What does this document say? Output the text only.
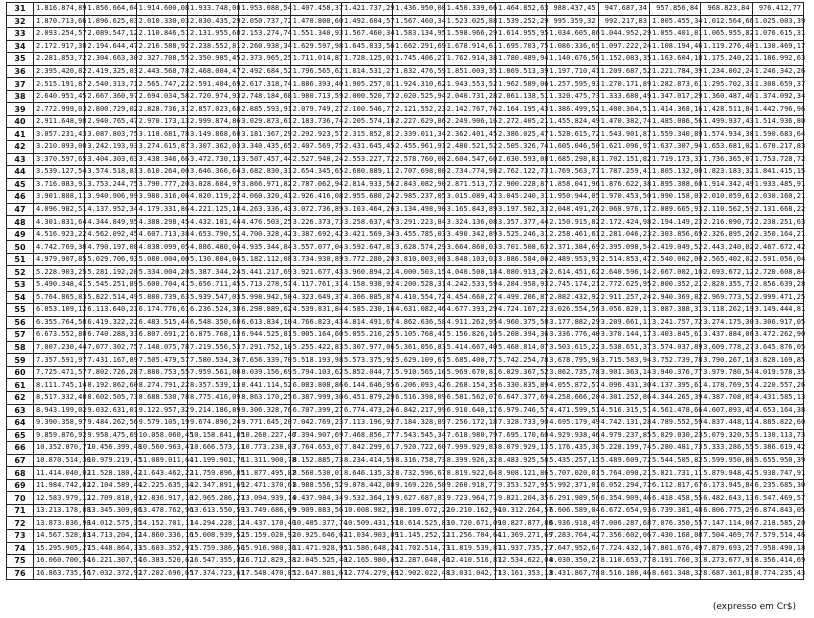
31	1.816.874,89	1.856.664,64	1.914.600,08	1.933.748,08	1.953.088,54	1.407.458,37	1.421.737,29	1.436.950,08	1.450.339,66	1.464.852,63	988.437,45	947.687,34	957.856,84	968.823,84	976.412,77
32	1.870.713,66	1.896.625,03	2.010.330,03	2.030.435,29	2.050.737,72	1.470.800,60	1.492.604,57	1.567.460,34	1.523.025,88	1.539.252,29	995.359,32	992.217,83	1.005.455,34	1.012.564,66	1.025.003,39
33	2.093.254,57	2.089.547,12	2.110.846,51	2.131.955,68	2.153.274,74	1.551.340,93	1.567.460,34	1.583.134,95	1.598.966,29	1.614.955,95	1.034.605,86	1.044.952,29	1.055.401,81	1.065.955,82	1.076.615,31
34	2.172.917,30	2.194.644,47	2.216.588,92	2.238.552,81	2.260.938,34	1.629.597,98	1.645.833,56	1.662.291,69	1.678.914,61	1.695.703,75	1.086.336,65	1.097.222,24	1.108.194,46	1.119.276,40	1.130.469,17
35	2.281.853,72	2.304.663,30	2.327.708,55	2.350.985,45	2.373.965,25	1.711.014,87	1.728.125,02	1.745.406,27	1.762.914,38	1.780.489,94	1.140.676,56	1.152.083,35	1.163.604,18	1.175.240,22	1.186.992,63
36	2.395.420,82	2.419.325,03	2.443.568,78	2.468.004,47	2.492.684,52	1.796.565,62	1.814.531,27	1.832.476,59	1.851.003,35	1.869.513,39	1.197.710,41	1.209.687,52	1.221.784,39	1.234.002,24	1.246.342,26
37	2.515.191,87	2.540.313,71	2.565.747,22	2.591.404,69	2.617.318,74	1.886.393,40	1.905.257,01	1.924.310,62	1.943.553,52	1.962.589,06	1.257.595,93	1.270.171,89	1.282.873,61	1.295.702,33	1.308.659,37
38	2.640.951,45	2.667.360,97	2.694.034,58	2.720.974,93	2.748.184,68	1.980.713,59	2.000.520,73	2.020.525,94	2.040.731,28	2.061.138,51	1.320.475,73	1.333.680,49	1.347.017,29	1.360.487,46	1.374.092,34
39	2.772.999,03	2.800.729,02	2.828.736,31	2.857.023,68	2.885.593,91	2.079.749,27	2.100.546,77	2.121.552,23	2.142.767,76	2.164.195,43	1.386.499,52	1.400.364,51	1.414.368,16	1.428.511,84	1.442.796,96
40	2.911.648,98	2.940.765,47	2.970.173,13	2.999.874,86	3.029.873,61	2.183.736,74	2.205.574,18	2.227.629,86	2.249.906,16	2.272.405,21	1.455.824,49	1.470.382,74	1.485.086,56	1.499.937,43	1.514.936,80
41	3.057.231,43	3.087.803,75	3.118.681,78	3.149.868,60	3.181.367,29	2.292.923,57	2.315.852,81	2.339.011,34	2.362.401,45	2.386.025,47	1.528.615,72	1.543.901,87	1.559.340,89	1.574.934,38	1.590.683,64
42	3.210.093,00	3.242.193,93	3.274.615,87	3.307.362,03	3.340.435,65	2.407.569,75	2.431.645,45	2.455.961,91	2.480.521,52	2.505.326,74	1.605.046,50	1.621.096,97	1.637.307,94	1.653.681,02	1.670.217,83
43	3.370.597,65	3.404.303,63	3.438.346,66	3.472.730,13	3.507.457,44	2.527.948,24	2.553.227,72	2.578.760,00	2.604.547,60	2.630.593,08	1.685.298,83	1.702.151,82	1.719.173,33	1.736.365,07	1.753.728,72
44	3.539.127,54	3.574.518,81	3.610.264,00	3.646.366,64	3.682.830,31	2.654.345,65	2.680.889,11	2.707.698,00	2.734.774,98	2.762.122,73	1.769.563,77	1.787.259,41	1.805.132,00	1.823.183,32	1.841.415,15
45	3.716.083,91	3.753.244,75	3.790.777,20	3.828.684,97	3.866.971,82	2.787.062,94	2.814.933,56	2.843.082,90	2.871.513,73	2.900.228,87	1.858.041,96	1.876.622,38	1.895.388,60	1.914.342,49	1.933.485,91
46	3.901.888,11	3.940.906,99	3.980.316,06	4.020.119,22	4.060.320,41	2.926.416,08	2.955.680,24	2.985.237,05	3.015.089,42	3.045.240,31	1.950.944,05	1.970.453,50	1.990.158,03	2.010.059,61	2.030.160,21
47	4.096.982,51	4.137.952,34	4.179.331,86	4.221.125,18	4.263.336,43	3.072.736,89	3.103.464,26	3.134.498,90	3.165.843,89	3.197.502,33	2.048.491,26	2.068.976,17	2.089.665,93	2.110.562,59	2.131.668,22
48	4.301.831,64	4.344.849,95	4.388.298,45	4.432.181,44	4.476.503,25	3.226.373,73	3.258.637,47	3.291.223,84	3.324.136,08	3.357.377,44	2.150.915,82	2.172.424,98	2.194.149,23	2.216.090,72	2.238.251,63
49	4.516.923,22	4.562.092,45	4.607.713,38	4.653.790,51	4.700.328,42	3.387.692,42	3.421.569,34	3.455.785,03	3.490.342,89	3.525.246,31	2.258.461,61	2.281.046,23	2.303.856,69	2.326.895,26	2.350.164,21
50	4.742.769,38	4.790.197,08	4.838.099,05	4.886.480,04	4.935.344,84	3.557.077,04	3.592.647,81	3.628.574,29	3.664.860,03	3.701.508,63	2.371.384,69	2.395.098,54	2.419.049,52	2.443.240,02	2.467.672,42
51	4.979.907,85	5.029.706,93	5.080.004,00	5.130.804,04	5.182.112,08	3.734.930,89	3.772.280,20	3.810.003,00	3.848.103,03	3.886.584,06	2.489.953,93	2.514.853,47	2.540.002,00	2.565.402,02	2.591.056,04
52	5.228.903,25	5.281.192,28	5.334.004,20	5.387.344,24	5.441.217,69	3.921.677,43	3.960.894,21	4.000.503,15	4.040.508,18	4.080.913,26	2.614.451,62	2.640.596,14	2.667.002,10	2.693.672,12	2.720.608,84
53	5.490.348,41	5.545.251,89	5.600.704,41	5.656.711,45	5.713.278,57	4.117.761,31	4.158.938,92	4.200.528,31	4.242.533,59	4.284.958,93	2.745.174,21	2.772.625,95	2.800.352,21	2.828.355,73	2.856.639,28
54	5.764.865,83	5.822.514,49	5.880.739,63	5.939.547,03	5.998.942,50	4.323.649,37	4.366.885,87	4.410.554,72	4.454.660,27	4.499.206,87	2.882.432,92	2.911.257,24	2.940.369,82	2.969.773,52	2.999.471,25
55	6.053.109,12	6.113.640,21	6.174.776,61	6.236.524,38	6.298.889,62	4.539.831,84	4.585.230,16	4.631.082,46	4.677.393,29	4.724.167,22	3.026.554,56	3.056.820,11	3.087.388,31	3.118.262,19	3.149.444,81
56	6.355.764,58	6.419.322,22	6.483.515,44	6.548.350,60	6.613.834,10	4.766.823,43	4.814.491,67	4.862.636,58	4.911.262,95	4.960.375,58	3.177.882,29	3.209.661,11	3.241.757,72	3.274.175,30	3.306.917,05
57	6.673.552,80	6.740.288,33	6.807.691,21	6.875.768,13	6.944.525,81	5.005.164,60	5.055.216,25	5.105.768,41	5.156.826,10	5.208.394,36	3.336.776,40	3.370.144,17	3.403.845,61	3.437.884,06	3.472.262,90
58	7.007.230,44	7.077.302,75	7.148.075,78	7.219.556,53	7.291.752,10	5.255.422,83	5.307.977,06	5.361.056,83	5.414.667,40	5.468.814,07	3.503.615,22	3.538.651,37	3.574.037,89	3.609.778,27	3.645.876,05
59	7.357.591,97	7.431.167,89	7.505.479,57	7.580.534,36	7.656.339,70	5.518.193,98	5.573.375,92	5.629.109,67	5.685.400,77	5.742.254,78	3.678.795,98	3.715.583,94	3.752.739,78	3.790.267,18	3.828.169,85
60	7.725.471,57	7.802.726,28	7.880.753,55	7.959.561,08	8.039.156,69	5.794.103,62	5.852.044,71	5.910.565,16	5.969.670,81	6.029.367,52	3.862.735,78	3.901.363,14	3.940.376,77	3.979.780,54	4.019.578,35
61	8.111.745,14	8.192.862,60	8.274.791,22	8.357.539,13	8.441.114,52	6.083.808,86	6.144.646,95	6.206.093,42	6.268.154,35	6.330.835,89	4.055.872,57	4.096.431,30	4.137.395,61	4.178.769,57	4.220.557,26
62	8.517.332,40	8.602.505,73	8.688.530,78	8.775.416,09	8.863.170,25	6.387.999,30	6.451.879,29	6.516.398,09	6.581.562,07	6.647.377,69	4.258.666,20	4.301.252,86	4.344.265,39	4.387.708,05	4.431.585,13
63	8.943.199,02	9.032.631,01	9.122.957,32	9.214.186,89	9.306.328,76	6.707.399,27	6.774.473,26	6.842.217,99	6.910.640,17	6.979.746,57	4.471.599,51	4.516.315,51	4.561.478,66	4.607.093,45	4.653.164,38
64	9.390.358,97	9.484.262,56	9.579.105,19	9.674.896,24	9.771.645,20	7.042.769,23	7.113.196,92	7.184.328,89	7.256.172,18	7.328.733,90	4.695.179,49	4.742.131,28	4.789.552,59	4.837.448,12	4.885.822,60
65	9.859.876,92	9.958.475,69	10.058.060,45	10.158.641,05	10.260.227,46	7.394.907,69	7.468.856,77	7.543.545,34	7.618.980,79	7.695.170,60	4.929.938,46	4.979.237,85	5.029.030,23	5.079.320,53	5.130.113,73
66	10.352.870,77	10.456.399,48	10.560.963,47	10.666.573,11	10.773.238,83	7.764.653,07	7.842.299,61	7.920.722,60	7.999.929,83	8.079.929,13	5.176.435,38	5.228.199,74	5.280.481,73	5.333.286,55	5.386.619,42
67	10.870.514,30	10.979.219,45	11.089.011,64	11.199.901,76	11.311.900,78	8.152.885,73	8.234.414,59	8.316.758,73	8.399.926,32	8.483.925,58	5.435.257,15	5.489.609,72	5.544.505,82	5.599.950,88	5.655.950,39
68	11.414.040,02	11.528.180,42	11.643.462,22	11.759.896,85	11.877.495,82	8.560.530,01	8.646.135,32	8.732.596,67	8.819.922,64	8.908.121,86	5.707.020,01	5.764.090,21	5.821.731,11	5.879.948,42	5.938.747,91
69	11.984.742,02	12.104.589,44	12.225.635,34	12.347.891,69	12.471.370,61	8.988.556,52	9.078.442,08	9.169.226,50	9.260.918,77	9.353.527,95	5.992.371,01	6.052.294,72	6.112.817,67	6.173.945,84	6.235.685,30
70	12.583.979,12	12.709.818,91	12.836.917,10	12.965.286,27	13.094.939,14	9.437.984,34	9.532.364,19	9.627.687,83	9.723.964,71	9.821.204,35	6.291.989,56	6.354.909,46	6.418.458,55	6.482.643,13	6.547.469,57
71	13.213.178,08	13.345.309,86	13.478.762,96	13.613.550,59	13.749.686,09	9.909.883,56	10.008.982,39	10.109.072,22	10.210.162,94	10.312.264,57	6.606.589,04	6.672.654,93	6.739.381,48	6.806.775,29	6.874.843,05
72	13.873.836,98	14.012.575,35	14.152.701,11	14.294.228,12	14.437.170,40	10.405.377,74	10.509.431,51	10.614.525,83	10.720.671,09	10.827.877,80	6.936.918,49	7.006.287,68	7.076.350,55	7.147.114,06	7.218.585,20
73	14.567.528,83	14.713.204,12	14.860.336,16	15.008.939,52	15.159.028,92	10.925.646,62	11.034.903,09	11.145.252,12	11.256.704,64	11.369.271,69	7.283.764,42	7.356.602,06	7.430.168,08	7.504.469,76	7.579.514,46
74	15.295.905,27	15.448.864,33	15.603.352,97	15.759.386,50	15.916.980,36	11.471.928,95	11.586.648,24	11.702.514,73	11.819.539,87	11.937.735,27	7.647.952,64	7.724.432,16	7.801.676,49	7.879.693,25	7.958.490,18
75	16.060.700,54	16.221.307,54	16.383.520,62	16.547.355,82	16.712.829,38	12.045.525,40	12.165.980,65	12.287.640,46	12.410.516,87	12.534.622,04	8.030.350,27	8.110.653,77	8.191.760,31	8.273.677,91	8.356.414,69
76	16.863.735,56	17.032.372,92	17.202.696,65	17.374.723,61	17.548.470,85	12.647.801,67	12.774.279,69	12.902.022,48	13.031.042,71	13.161.353,13	8.431.867,78	8.516.186,46	8.601.348,32	8.687.361,81	8.774.235,43
(expresso em Cr$)
